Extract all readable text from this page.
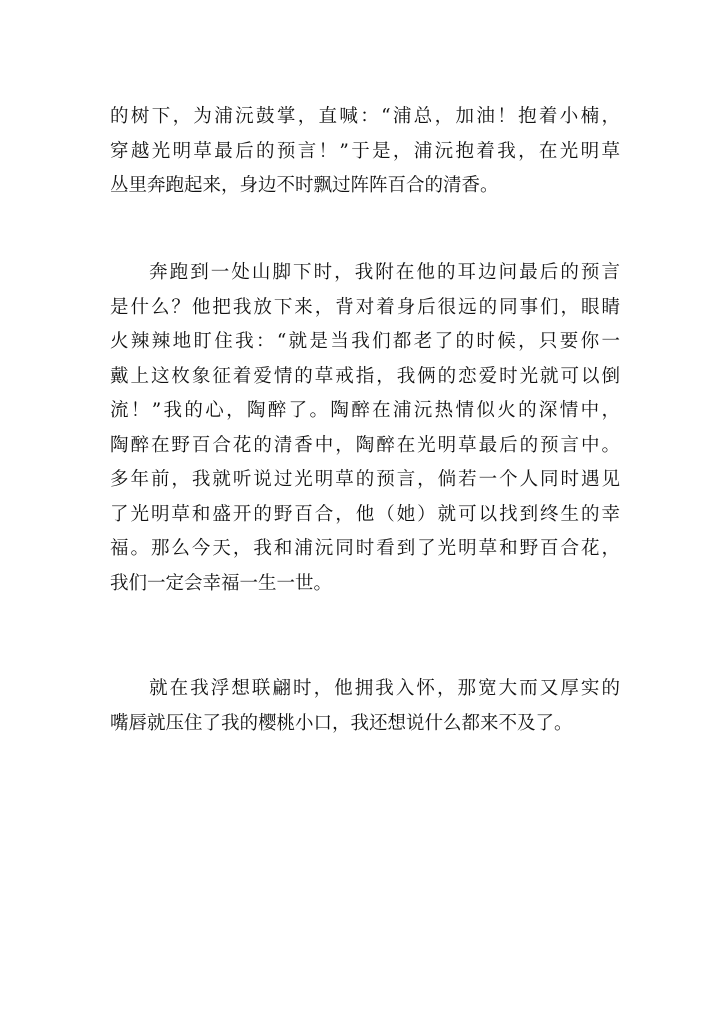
的树下，为浦沅鼓掌，直喊：“浦总，加油！抱着小楠，
穿越光明草最后的预言！”于是，浦沅抱着我，在光明草
丛里奔跑起来，身边不时飘过阵阵百合的清香。
奔跑到一处山脚下时，我附在他的耳边问最后的预言
是什么？他把我放下来，背对着身后很远的同事们，眼睛
火辣辣地盯住我：“就是当我们都老了的时候，只要你一
戴上这枚象征着爱情的草戒指，我俩的恋爱时光就可以倒
流！”我的心，陶醉了。陶醉在浦沅热情似火的深情中，
陶醉在野百合花的清香中，陶醉在光明草最后的预言中。
多年前，我就听说过光明草的预言，倘若一个人同时遇见
了光明草和盛开的野百合，他（她）就可以找到终生的幸
福。那么今天，我和浦沅同时看到了光明草和野百合花，
我们一定会幸福一生一世。
就在我浮想联翩时，他拥我入怀，那宽大而又厚实的
嘴唇就压住了我的樱桃小口，我还想说什么都来不及了。
